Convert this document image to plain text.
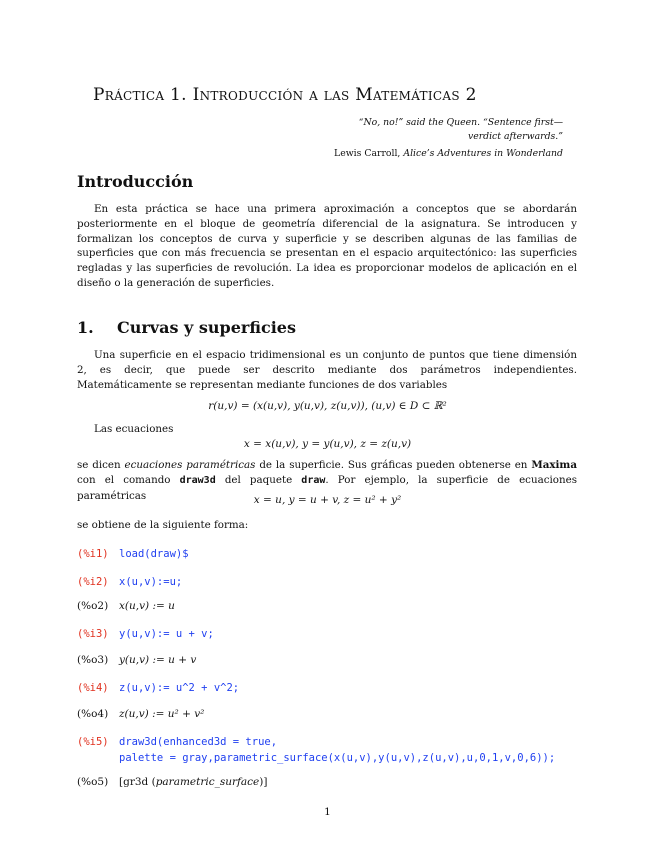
Práctica 1. Introducción a las Matemáticas 2
“No, no!” said the Queen. “Sentence first—
verdict afterwards.”
Lewis Carroll, Alice’s Adventures in Wonderland
Introducción
En esta práctica se hace una primera aproximación a conceptos que se abordarán posteriormente en el bloque de geometría diferencial de la asignatura. Se introducen y formalizan los conceptos de curva y superficie y se describen algunas de las familias de superficies que con más frecuencia se presentan en el espacio arquitectónico: las superficies regladas y las superficies de revolución. La idea es proporcionar modelos de aplicación en el diseño o la generación de superficies.
1. Curvas y superficies
Una superficie en el espacio tridimensional es un conjunto de puntos que tiene dimensión 2, es decir, que puede ser descrito mediante dos parámetros independientes. Matemáticamente se representan mediante funciones de dos variables
r(u,v) = (x(u,v), y(u,v), z(u,v)), (u,v) ∈ D ⊂ ℝ²
Las ecuaciones
x = x(u,v), y = y(u,v), z = z(u,v)
se dicen ecuaciones paramétricas de la superficie. Sus gráficas pueden obtenerse en Maxima con el comando draw3d del paquete draw. Por ejemplo, la superficie de ecuaciones paramétricas	x = u, y = u + v, z = u² + y²
se obtiene de la siguiente forma:
(%i1) load(draw)$
(%i2) x(u,v):=u;
(%o2) x(u,v) := u
(%i3) y(u,v):= u + v;
(%o3) y(u,v) := u + v
(%i4) z(u,v):= u^2 + v^2;
(%o4) z(u,v) := u² + v²
(%i5) draw3d(enhanced3d = true,
palette = gray,parametric_surface(x(u,v),y(u,v),z(u,v),u,0,1,v,0,6));
(%o5) [gr3d (parametric_surface)]
1
